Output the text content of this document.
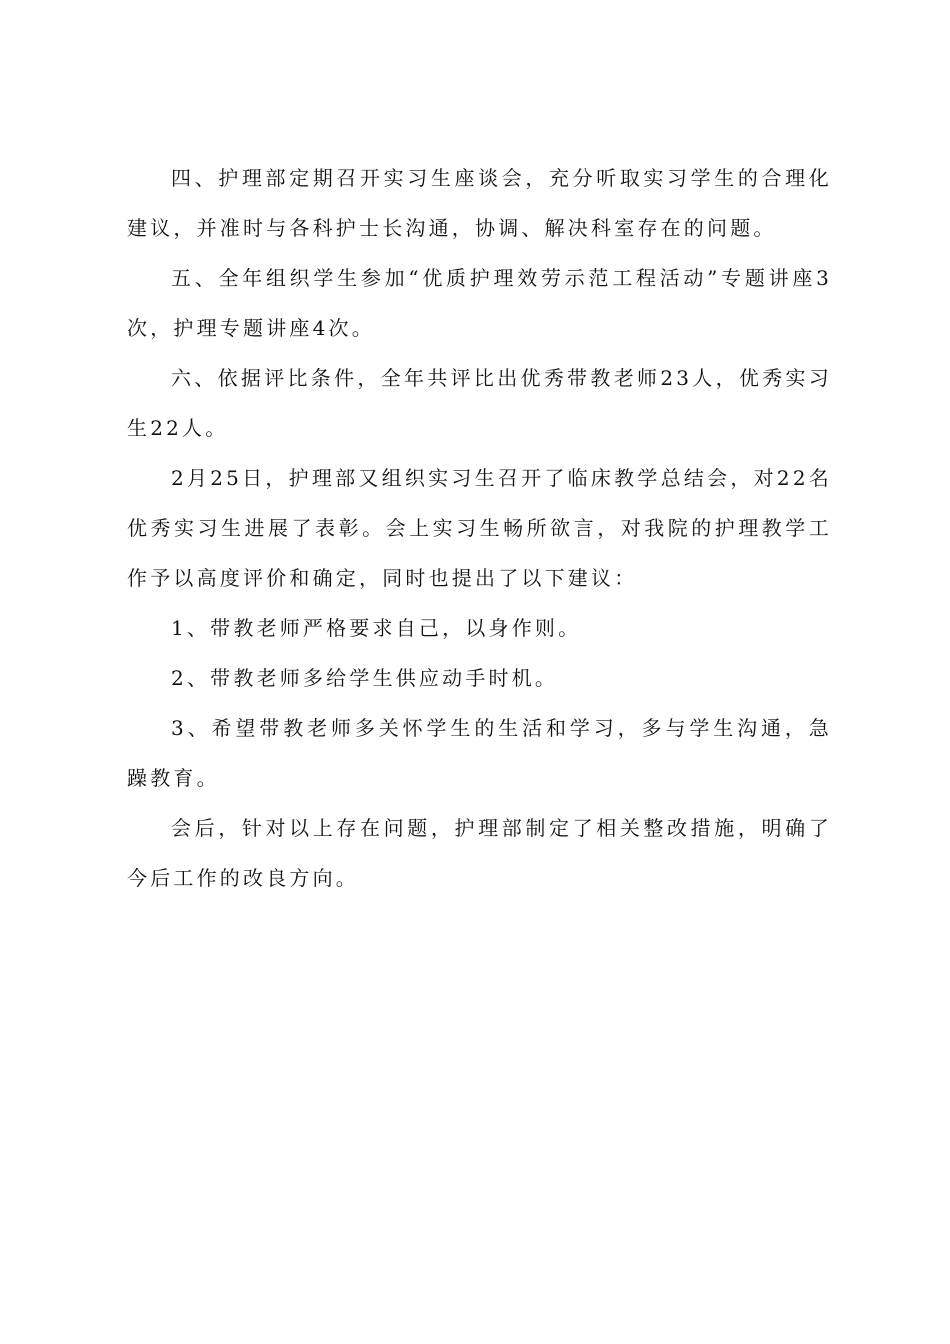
四、护理部定期召开实习生座谈会，充分听取实习学生的合理化建议，并准时与各科护士长沟通，协调、解决科室存在的问题。

五、全年组织学生参加“优质护理效劳示范工程活动”专题讲座3次，护理专题讲座4次。

六、依据评比条件，全年共评比出优秀带教老师23人，优秀实习生22人。

2月25日，护理部又组织实习生召开了临床教学总结会，对22名优秀实习生进展了表彰。会上实习生畅所欲言，对我院的护理教学工作予以高度评价和确定，同时也提出了以下建议：

1、带教老师严格要求自己，以身作则。

2、带教老师多给学生供应动手时机。

3、希望带教老师多关怀学生的生活和学习，多与学生沟通，急躁教育。

会后，针对以上存在问题，护理部制定了相关整改措施，明确了今后工作的改良方向。
